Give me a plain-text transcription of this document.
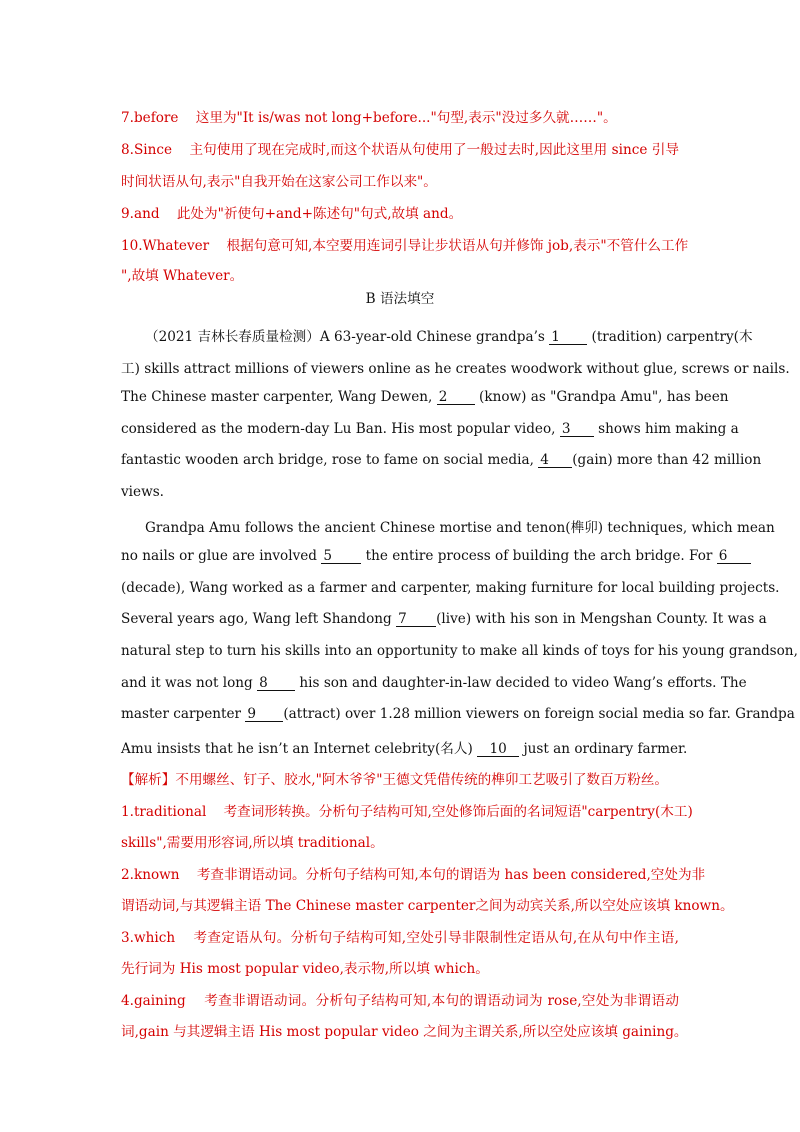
7.before 这里为"It is/was not long+before..."句型,表示"没过多久就……"。
8.Since 主句使用了现在完成时,而这个状语从句使用了一般过去时,因此这里用 since 引导
时间状语从句,表示"自我开始在这家公司工作以来"。
9.and 此处为"祈使句+and+陈述句"句式,故填 and。
10.Whatever 根据句意可知,本空要用连词引导让步状语从句并修饰 job,表示"不管什么工作
",故填 Whatever。
B 语法填空
（2021 吉林长春质量检测）A 63-year-old Chinese grandpa’s 1 (tradition) carpentry(木
工) skills attract millions of viewers online as he creates woodwork without glue, screws or nails.
The Chinese master carpenter, Wang Dewen, 2 (know) as "Grandpa Amu", has been
considered as the modern-day Lu Ban. His most popular video, 3 shows him making a
fantastic wooden arch bridge, rose to fame on social media, 4 (gain) more than 42 million
views.
Grandpa Amu follows the ancient Chinese mortise and tenon(榫卯) techniques, which mean
no nails or glue are involved 5 the entire process of building the arch bridge. For 6
(decade), Wang worked as a farmer and carpenter, making furniture for local building projects.
Several years ago, Wang left Shandong 7 (live) with his son in Mengshan County. It was a
natural step to turn his skills into an opportunity to make all kinds of toys for his young grandson,
and it was not long 8 his son and daughter-in-law decided to video Wang’s efforts. The
master carpenter 9 (attract) over 1.28 million viewers on foreign social media so far. Grandpa
Amu insists that he isn’t an Internet celebrity(名人) 10 just an ordinary farmer.
【解析】不用螺丝、钉子、胶水,"阿木爷爷"王德文凭借传统的榫卯工艺吸引了数百万粉丝。
1.traditional 考查词形转换。分析句子结构可知,空处修饰后面的名词短语"carpentry(木工)
skills",需要用形容词,所以填 traditional。
2.known 考查非谓语动词。分析句子结构可知,本句的谓语为 has been considered,空处为非
谓语动词,与其逻辑主语 The Chinese master carpenter之间为动宾关系,所以空处应该填 known。
3.which 考查定语从句。分析句子结构可知,空处引导非限制性定语从句,在从句中作主语,
先行词为 His most popular video,表示物,所以填 which。
4.gaining 考查非谓语动词。分析句子结构可知,本句的谓语动词为 rose,空处为非谓语动
词,gain 与其逻辑主语 His most popular video 之间为主谓关系,所以空处应该填 gaining。
